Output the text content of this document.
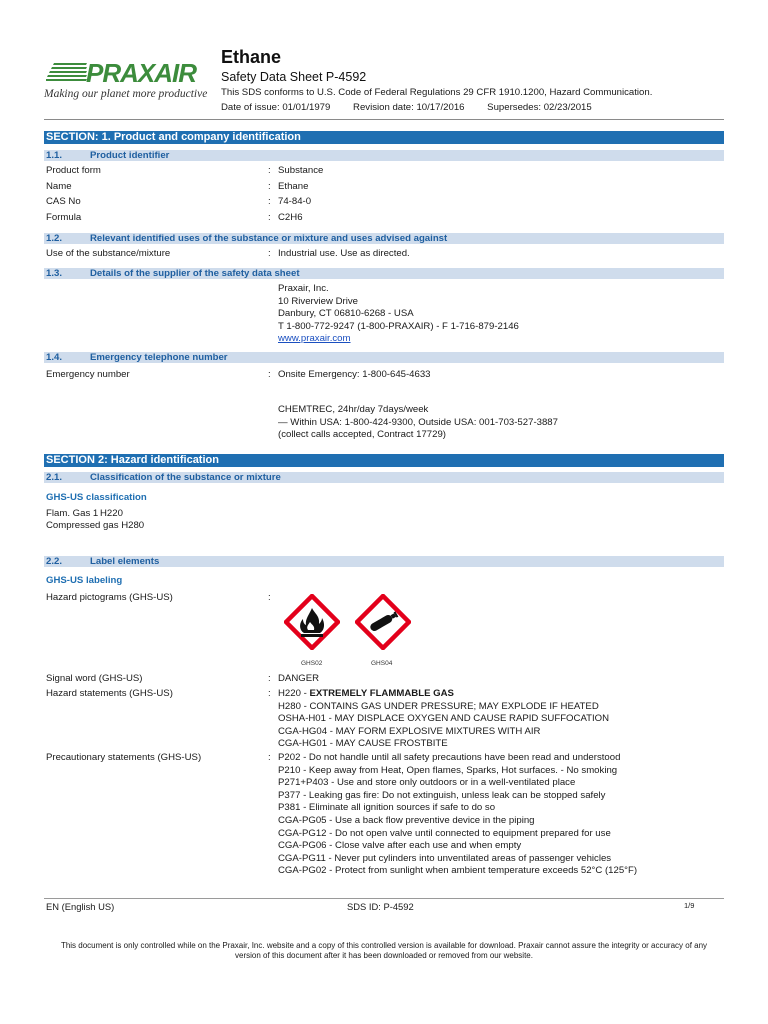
PRAXAIR
Making our planet more productive
Ethane
Safety Data Sheet P-4592
This SDS conforms to U.S. Code of Federal Regulations 29 CFR 1910.1200, Hazard Communication.
Date of issue: 01/01/1979 Revision date: 10/17/2016 Supersedes: 02/23/2015
SECTION: 1. Product and company identification
1.1.	Product identifier
Product form	: Substance
Name	: Ethane
CAS No	: 74-84-0
Formula	: C2H6
1.2.	Relevant identified uses of the substance or mixture and uses advised against
Use of the substance/mixture	: Industrial use. Use as directed.
1.3.	Details of the supplier of the safety data sheet
Praxair, Inc.
10 Riverview Drive
Danbury, CT 06810-6268 - USA
T 1-800-772-9247 (1-800-PRAXAIR) - F 1-716-879-2146
www.praxair.com
1.4.	Emergency telephone number
Emergency number	: Onsite Emergency: 1-800-645-4633
CHEMTREC, 24hr/day 7days/week
— Within USA: 1-800-424-9300, Outside USA: 001-703-527-3887
(collect calls accepted, Contract 17729)
SECTION 2: Hazard identification
2.1.	Classification of the substance or mixture
GHS-US classification
Flam. Gas 1 H220
Compressed gas H280
2.2.	Label elements
GHS-US labeling
Hazard pictograms (GHS-US)	:
GHS02	GHS04
Signal word (GHS-US)	: DANGER
Hazard statements (GHS-US)	: H220 - EXTREMELY FLAMMABLE GAS
H280 - CONTAINS GAS UNDER PRESSURE; MAY EXPLODE IF HEATED
OSHA-H01 - MAY DISPLACE OXYGEN AND CAUSE RAPID SUFFOCATION
CGA-HG04 - MAY FORM EXPLOSIVE MIXTURES WITH AIR
CGA-HG01 - MAY CAUSE FROSTBITE
Precautionary statements (GHS-US)	: P202 - Do not handle until all safety precautions have been read and understood
P210 - Keep away from Heat, Open flames, Sparks, Hot surfaces. - No smoking
P271+P403 - Use and store only outdoors or in a well-ventilated place
P377 - Leaking gas fire: Do not extinguish, unless leak can be stopped safely
P381 - Eliminate all ignition sources if safe to do so
CGA-PG05 - Use a back flow preventive device in the piping
CGA-PG12 - Do not open valve until connected to equipment prepared for use
CGA-PG06 - Close valve after each use and when empty
CGA-PG11 - Never put cylinders into unventilated areas of passenger vehicles
CGA-PG02 - Protect from sunlight when ambient temperature exceeds 52°C (125°F)
EN (English US)	SDS ID: P-4592	1/9
This document is only controlled while on the Praxair, Inc. website and a copy of this controlled version is available for download. Praxair cannot assure the integrity or accuracy of any version of this document after it has been downloaded or removed from our website.
